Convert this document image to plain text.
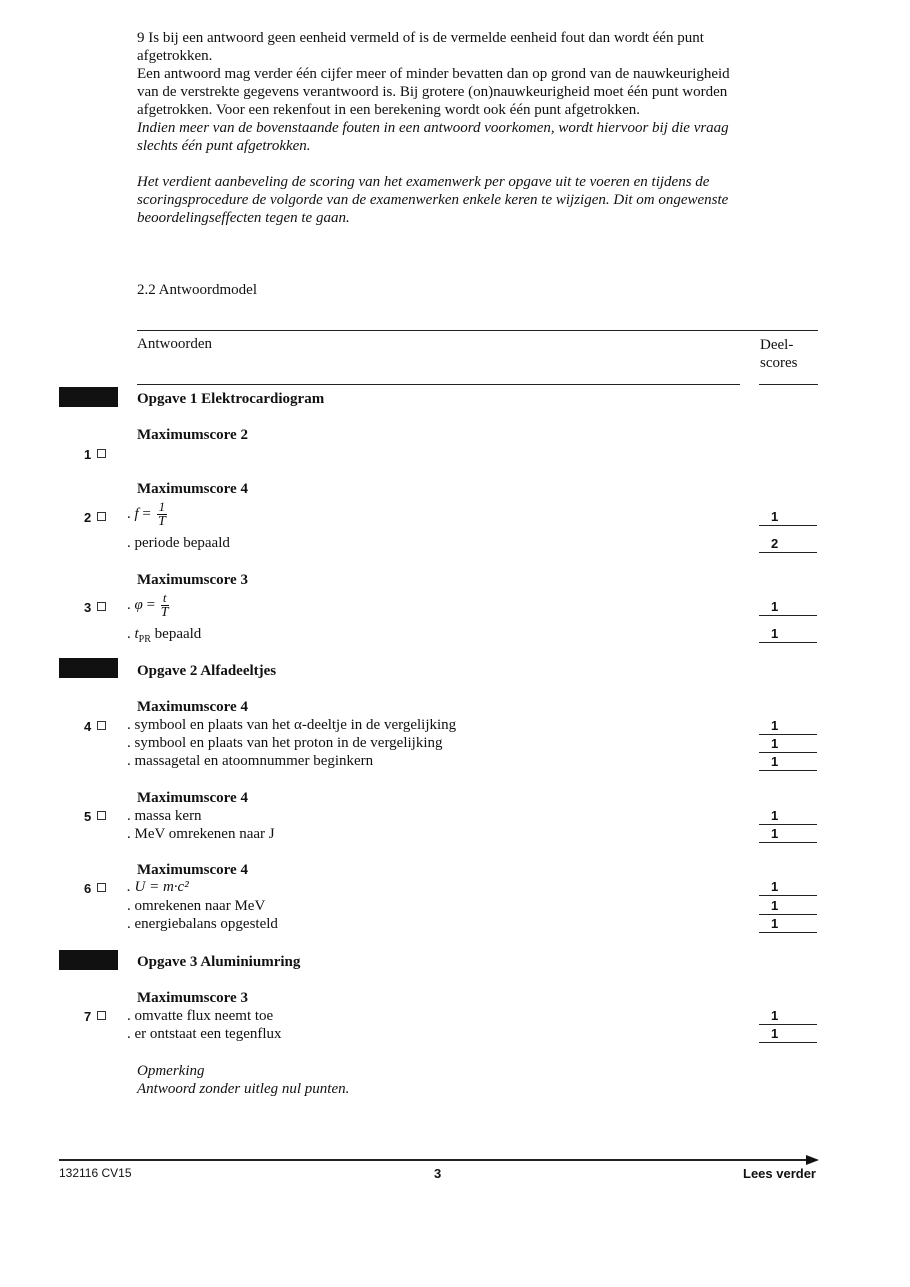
9 Is bij een antwoord geen eenheid vermeld of is de vermelde eenheid fout dan wordt één punt afgetrokken.

Een antwoord mag verder één cijfer meer of minder bevatten dan op grond van de nauwkeurigheid van de verstrekte gegevens verantwoord is. Bij grotere (on)nauwkeurigheid moet één punt worden afgetrokken. Voor een rekenfout in een berekening wordt ook één punt afgetrokken.

Indien meer van de bovenstaande fouten in een antwoord voorkomen, wordt hiervoor bij die vraag slechts één punt afgetrokken.

Het verdient aanbeveling de scoring van het examenwerk per opgave uit te voeren en tijdens de scoringsprocedure de volgorde van de examenwerken enkele keren te wijzigen. Dit om ongewenste beoordelingseffecten tegen te gaan.

2.2 Antwoordmodel
Antwoorden	Deel-
scores
Opgave 1 Elektrocardiogram
Maximumscore 2
1
Maximumscore 4
2	. $f = \frac{1}{T}$	1
. periode bepaald	2
Maximumscore 3
3	. $\varphi = \frac{t}{T}$	1
. $t_{PR}$ bepaald	1
Opgave 2 Alfadeeltjes
Maximumscore 4
4	. symbool en plaats van het α-deeltje in de vergelijking	1
. symbool en plaats van het proton in de vergelijking	1
. massagetal en atoomnummer beginkern	1
Maximumscore 4
5	. massa kern	1
. MeV omrekenen naar J	1
Maximumscore 4
6	. U = m·c²	1
. omrekenen naar MeV	1
. energiebalans opgesteld	1
Opgave 3 Aluminiumring
Maximumscore 3
7	. omvatte flux neemt toe	1
. er ontstaat een tegenflux	1
Opmerking
Antwoord zonder uitleg nul punten.
132116 CV15	3	Lees verder
